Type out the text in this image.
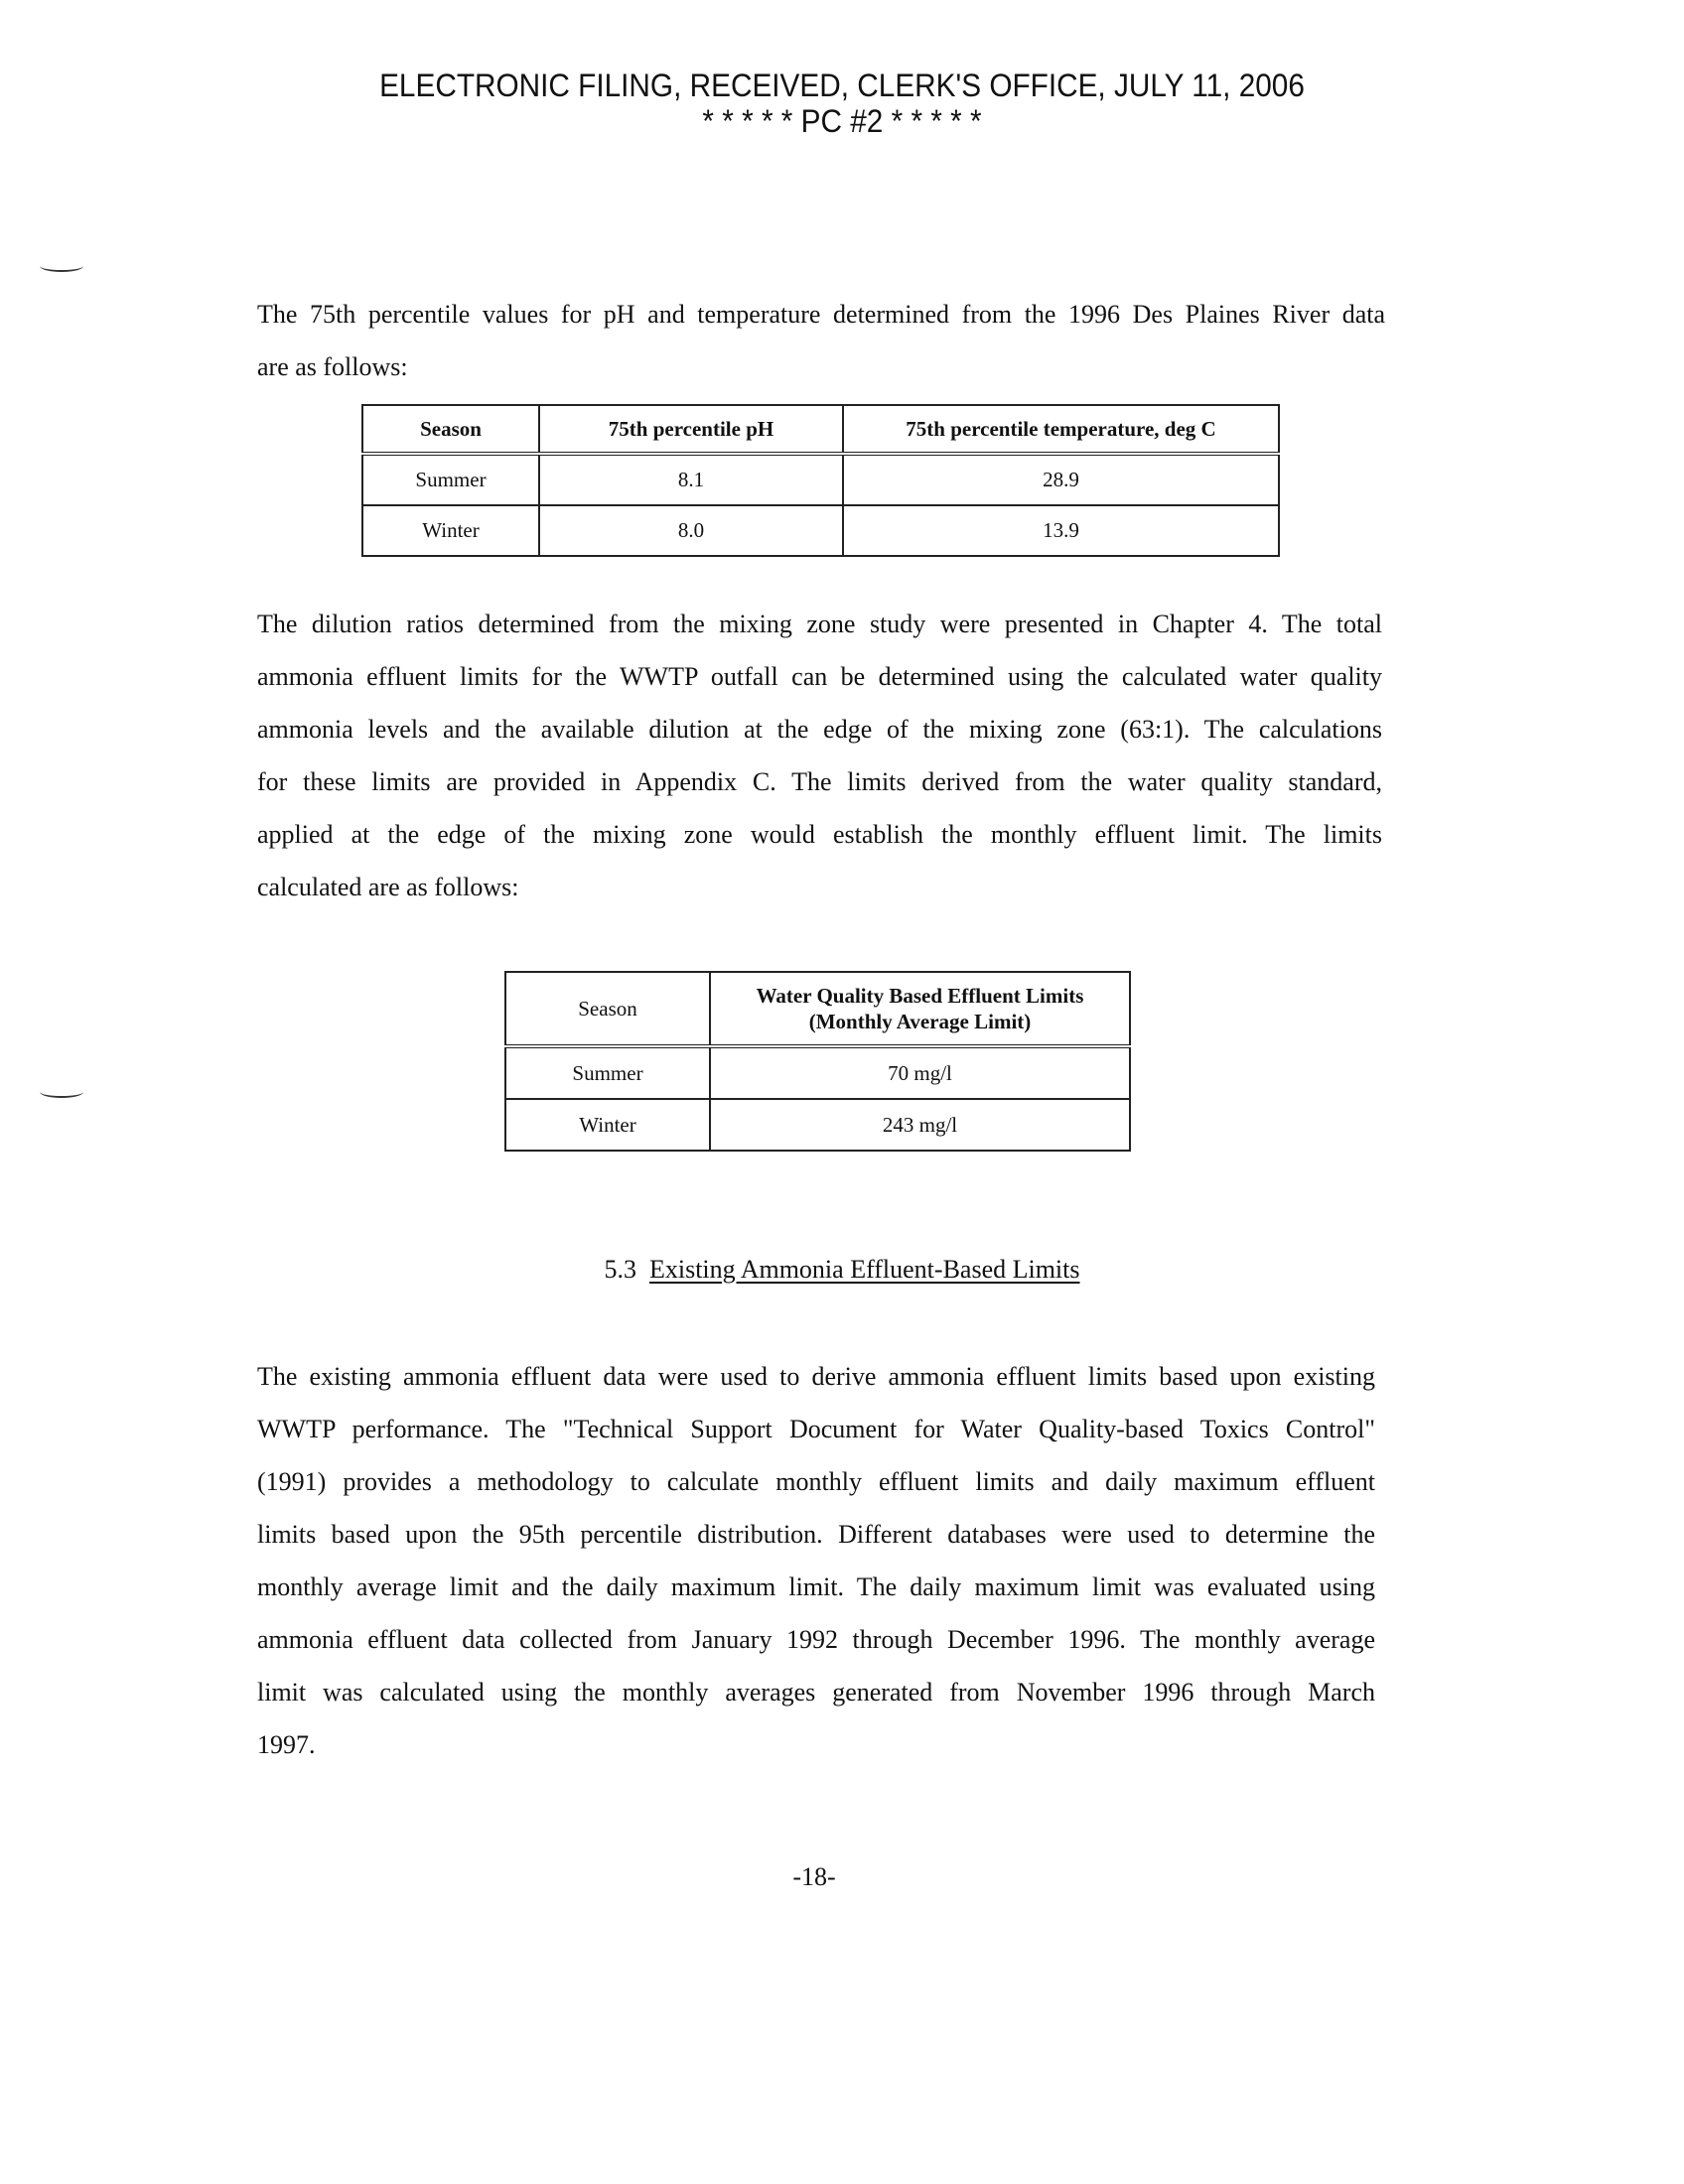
ELECTRONIC FILING, RECEIVED, CLERK'S OFFICE, JULY 11, 2006
* * * * * PC #2 * * * * *
The 75th percentile values for pH and temperature determined from the 1996 Des Plaines River data
are as follows:
Season	75th percentile pH	75th percentile temperature, deg C
Summer	8.1	28.9
Winter	8.0	13.9
The dilution ratios determined from the mixing zone study were presented in Chapter 4. The total
ammonia effluent limits for the WWTP outfall can be determined using the calculated water quality
ammonia levels and the available dilution at the edge of the mixing zone (63:1). The calculations
for these limits are provided in Appendix C. The limits derived from the water quality standard,
applied at the edge of the mixing zone would establish the monthly effluent limit. The limits
calculated are as follows:
Season	Water Quality Based Effluent Limits
(Monthly Average Limit)

Summer	70 mg/l
Winter	243 mg/l
5.3 Existing Ammonia Effluent-Based Limits
The existing ammonia effluent data were used to derive ammonia effluent limits based upon existing
WWTP performance. The "Technical Support Document for Water Quality-based Toxics Control"
(1991) provides a methodology to calculate monthly effluent limits and daily maximum effluent
limits based upon the 95th percentile distribution. Different databases were used to determine the
monthly average limit and the daily maximum limit. The daily maximum limit was evaluated using
ammonia effluent data collected from January 1992 through December 1996. The monthly average
limit was calculated using the monthly averages generated from November 1996 through March
1997.
-18-
